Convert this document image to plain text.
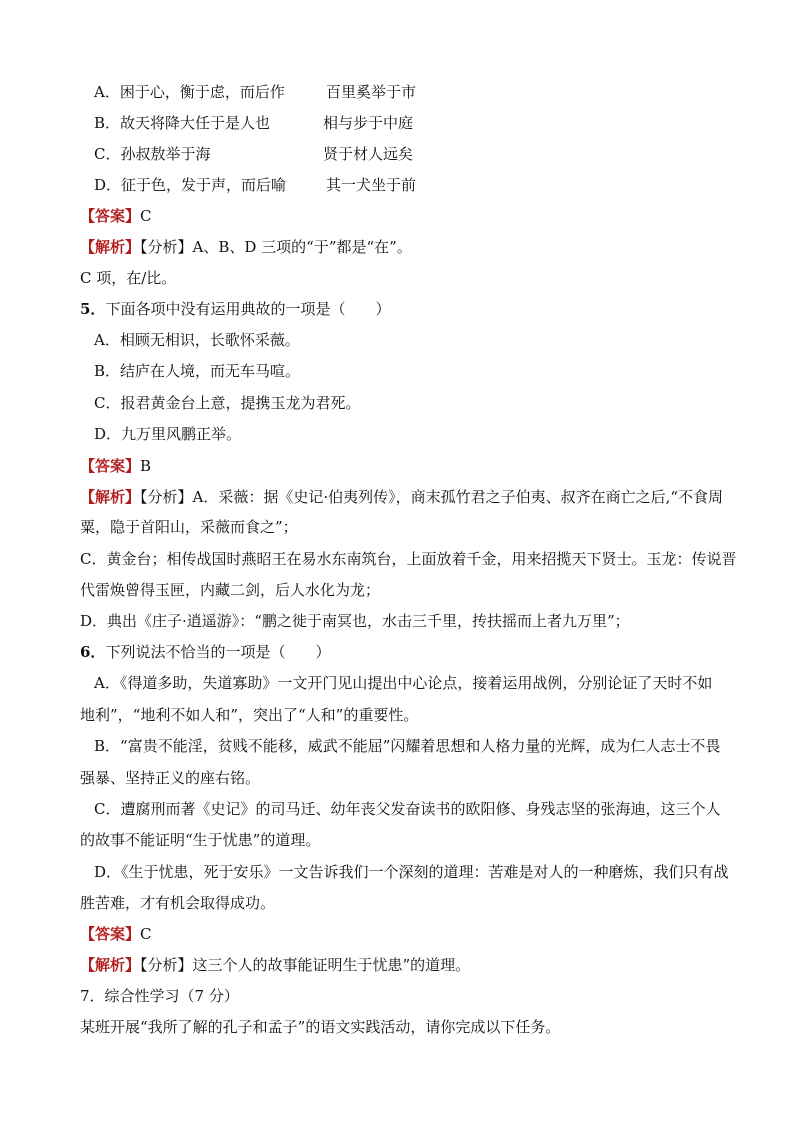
A．困于心，衡于虑，而后作	百里奚举于市
B．故天将降大任于是人也	相与步于中庭
C．孙叔敖举于海	贤于材人远矣
D．征于色，发于声，而后喻	其一犬坐于前
【答案】C
【解析】【分析】A、B、D 三项的“于”都是“在”。
C 项，在/比。
5．下面各项中没有运用典故的一项是（　　）
A．相顾无相识，长歌怀采薇。
B．结庐在人境，而无车马喧。
C．报君黄金台上意，提携玉龙为君死。
D．九万里风鹏正举。
【答案】B
【解析】【分析】A．采薇：据《史记·伯夷列传》，商末孤竹君之子伯夷、叔齐在商亡之后,“不食周
粟，隐于首阳山，采薇而食之”；
C．黄金台；相传战国时燕昭王在易水东南筑台，上面放着千金，用来招揽天下贤士。玉龙：传说晋
代雷焕曾得玉匣，内藏二剑，后人水化为龙；
D．典出《庄子·逍遥游》：“鹏之徙于南冥也，水击三千里，抟扶摇而上者九万里”；
6．下列说法不恰当的一项是（　　）
A．《得道多助，失道寡助》一文开门见山提出中心论点，接着运用战例，分别论证了天时不如
地利”，“地利不如人和”，突出了“人和”的重要性。
B．“富贵不能淫，贫贱不能移，威武不能屈”闪耀着思想和人格力量的光辉，成为仁人志士不畏
强暴、坚持正义的座右铭。
C．遭腐刑而著《史记》的司马迁、幼年丧父发奋读书的欧阳修、身残志坚的张海迪，这三个人
的故事不能证明“生于忧患”的道理。
D．《生于忧患，死于安乐》一文告诉我们一个深刻的道理：苦难是对人的一种磨炼，我们只有战
胜苦难，才有机会取得成功。
【答案】C
【解析】【分析】这三个人的故事能证明生于忧患”的道理。
7．综合性学习（7 分）
某班开展“我所了解的孔子和孟子”的语文实践活动，请你完成以下任务。
